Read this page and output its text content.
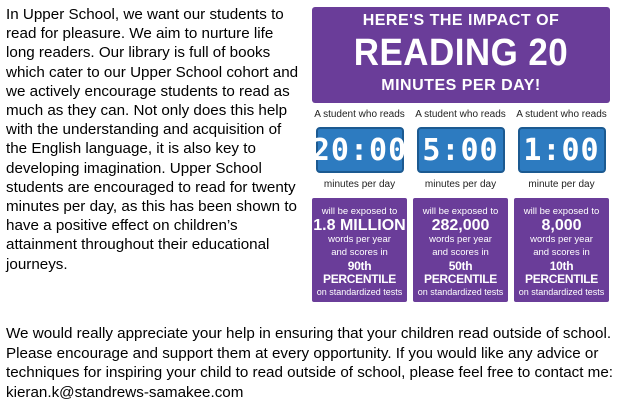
In Upper School, we want our students to read for pleasure. We aim to nurture life long readers. Our library is full of books which cater to our Upper School cohort and we actively encourage students to read as much as they can. Not only does this help with the understanding and acquisition of the English language, it is also key to developing imagination. Upper School students are encouraged to read for twenty minutes per day, as this has been shown to have a positive effect on children’s attainment throughout their educational journeys.

HERE'S THE IMPACT OF
READING 20
MINUTES PER DAY!
A student who reads
20:00
minutes per day
A student who reads
5:00
minutes per day
A student who reads
1:00
minute per day
will be exposed to
1.8 MILLION
words per year
and scores in
90th PERCENTILE
on standardized tests
will be exposed to
282,000
words per year
and scores in
50th PERCENTILE
on standardized tests
will be exposed to
8,000
words per year
and scores in
10th PERCENTILE
on standardized tests

We would really appreciate your help in ensuring that your children read outside of school. Please encourage and support them at every opportunity. If you would like any advice or techniques for inspiring your child to read outside of school, please feel free to contact me: kieran.k@standrews-samakee.com
